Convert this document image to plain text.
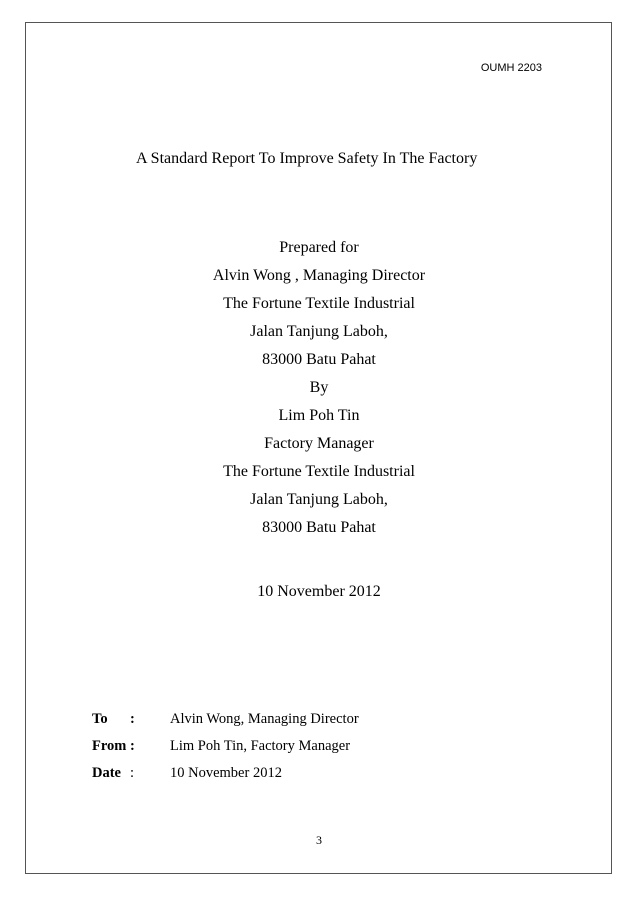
OUMH 2203
A Standard Report To Improve Safety In The Factory
Prepared for
Alvin Wong , Managing Director
The Fortune Textile Industrial
Jalan Tanjung Laboh,
83000 Batu Pahat
By
Lim Poh Tin
Factory Manager
The Fortune Textile Industrial
Jalan Tanjung Laboh,
83000 Batu Pahat
10 November 2012
To : Alvin Wong, Managing Director
From : Lim Poh Tin, Factory Manager
Date : 10 November 2012
3
